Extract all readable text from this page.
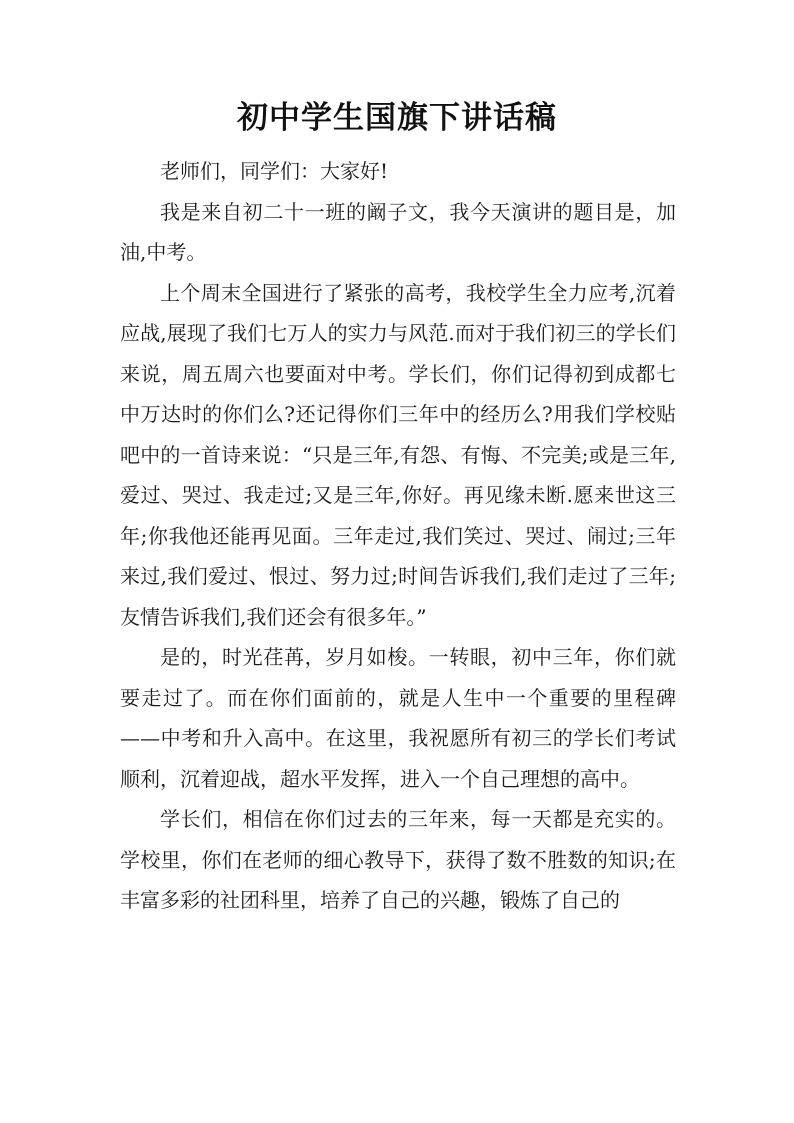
初中学生国旗下讲话稿

老师们，同学们：大家好!

我是来自初二十一班的阚子文，我今天演讲的题目是，加油,中考。

上个周末全国进行了紧张的高考，我校学生全力应考,沉着应战,展现了我们七万人的实力与风范.而对于我们初三的学长们来说，周五周六也要面对中考。学长们，你们记得初到成都七中万达时的你们么?还记得你们三年中的经历么?用我们学校贴吧中的一首诗来说：“只是三年,有怨、有悔、不完美;或是三年,爱过、哭过、我走过;又是三年,你好。再见缘未断.愿来世这三年;你我他还能再见面。三年走过,我们笑过、哭过、闹过;三年来过,我们爱过、恨过、努力过;时间告诉我们,我们走过了三年;友情告诉我们,我们还会有很多年。”

是的，时光荏苒，岁月如梭。一转眼，初中三年，你们就要走过了。而在你们面前的，就是人生中一个重要的里程碑——中考和升入高中。在这里，我祝愿所有初三的学长们考试顺利，沉着迎战，超水平发挥，进入一个自己理想的高中。

学长们，相信在你们过去的三年来，每一天都是充实的。学校里，你们在老师的细心教导下，获得了数不胜数的知识;在丰富多彩的社团科里，培养了自己的兴趣，锻炼了自己的
